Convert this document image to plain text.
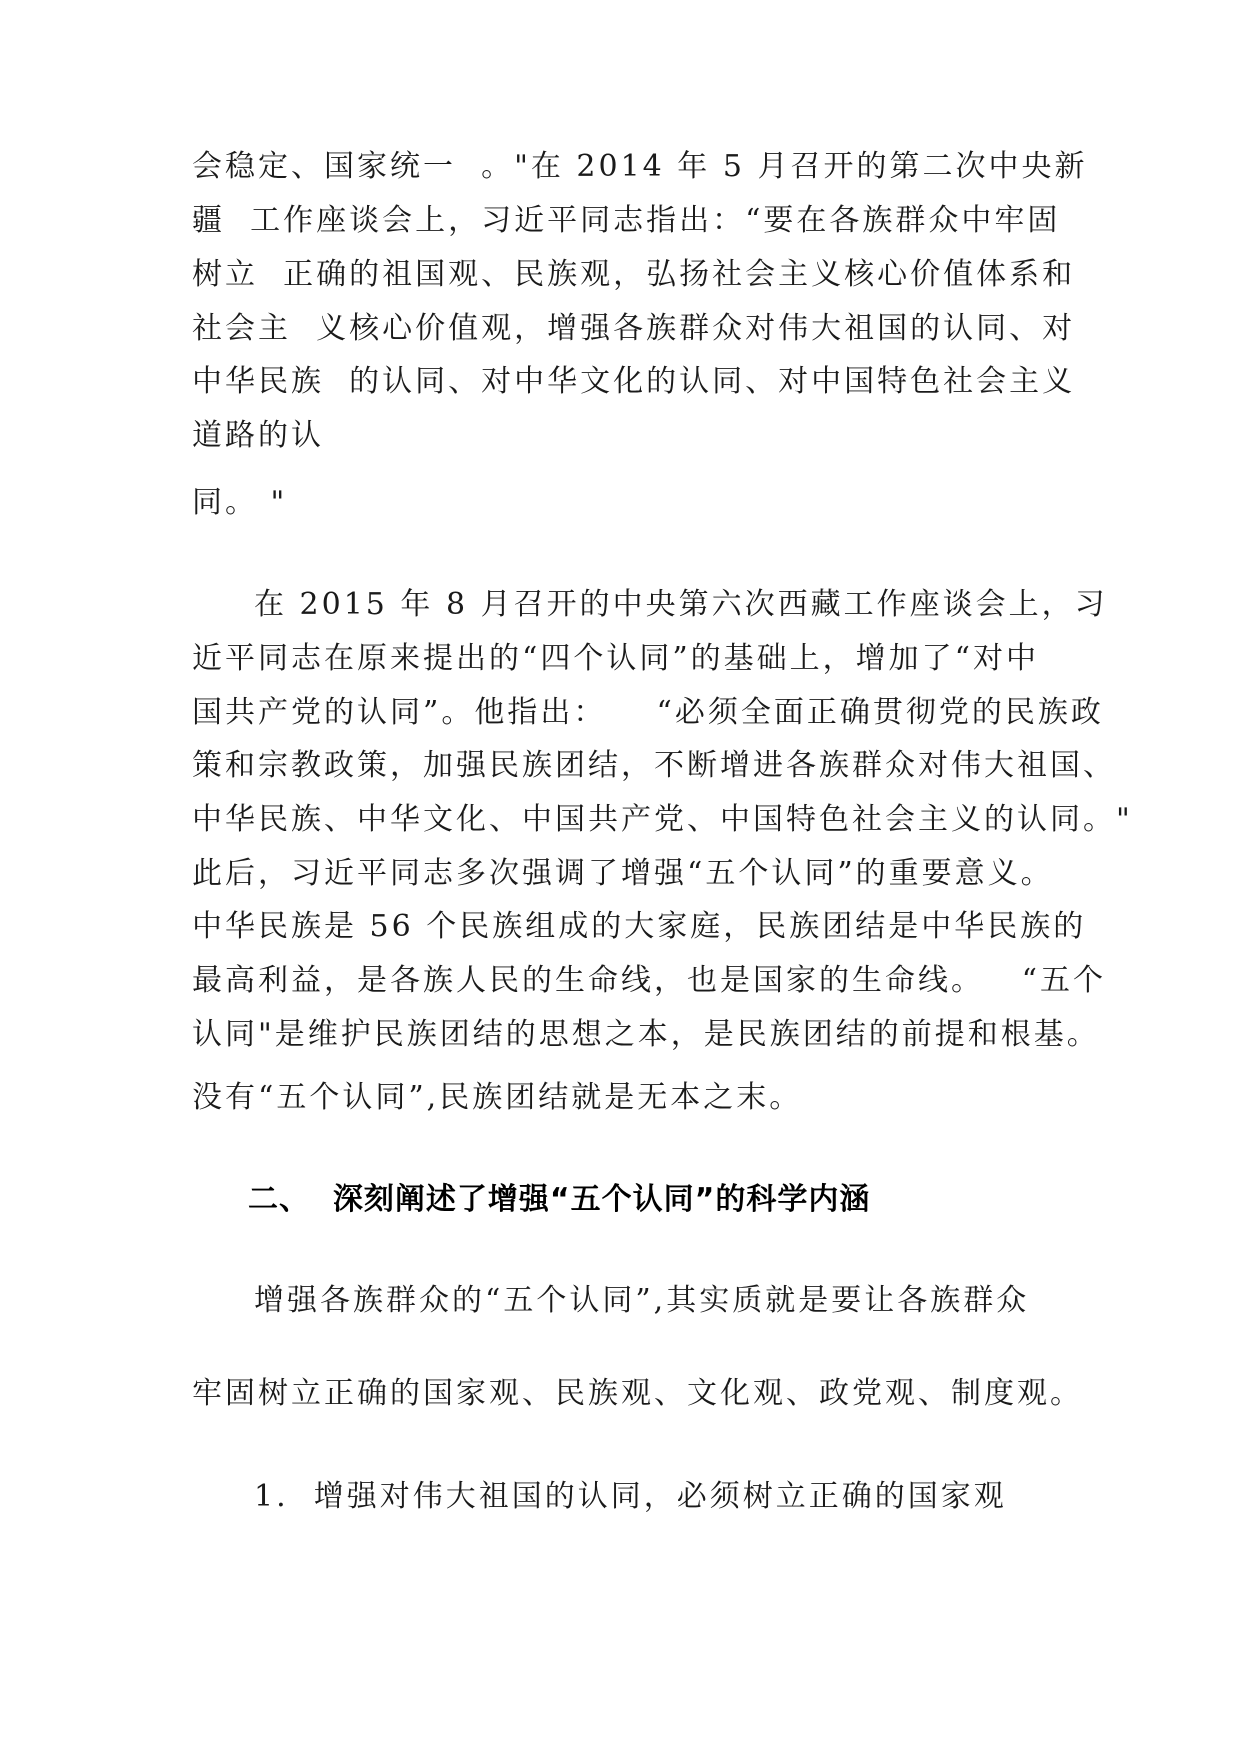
会稳定、国家统一  。"在 2014 年 5 月召开的第二次中央新
疆  工作座谈会上，习近平同志指出：“要在各族群众中牢固
树立  正确的祖国观、民族观，弘扬社会主义核心价值体系和
社会主  义核心价值观，增强各族群众对伟大祖国的认同、对
中华民族  的认同、对中华文化的认同、对中国特色社会主义
道路的认
同。 "
在 2015 年 8 月召开的中央第六次西藏工作座谈会上，习
近平同志在原来提出的“四个认同”的基础上，增加了“对中
国共产党的认同”。他指出：    “必须全面正确贯彻党的民族政
策和宗教政策，加强民族团结，不断增进各族群众对伟大祖国、
中华民族、中华文化、中国共产党、中国特色社会主义的认同。"
此后，习近平同志多次强调了增强“五个认同”的重要意义。
中华民族是 56 个民族组成的大家庭，民族团结是中华民族的
最高利益，是各族人民的生命线，也是国家的生命线。   “五个
认同"是维护民族团结的思想之本，是民族团结的前提和根基。
没有“五个认同”,民族团结就是无本之末。
二、  深刻阐述了增强“五个认同”的科学内涵
增强各族群众的“五个认同”,其实质就是要让各族群众
牢固树立正确的国家观、民族观、文化观、政党观、制度观。
1.  增强对伟大祖国的认同，必须树立正确的国家观
